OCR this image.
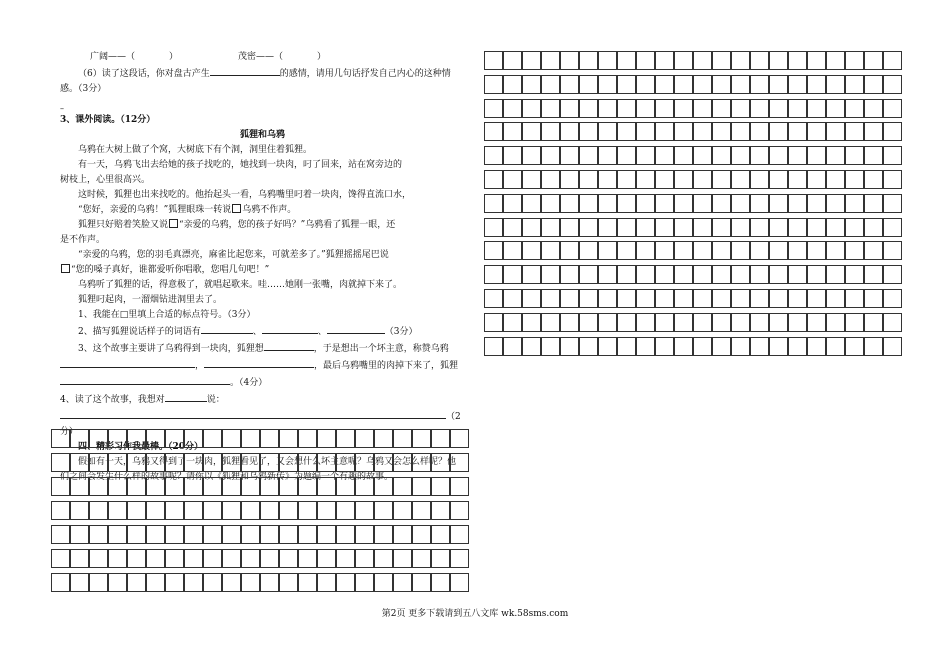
广阔——（	）	茂密——（	）
（6）读了这段话，你对盘古产生	的感情，请用几句话抒发自己内心的这种情
感。（3分）
–
3、课外阅读。（12分）
狐狸和乌鸦
乌鸦在大树上做了个窝，大树底下有个洞，洞里住着狐狸。
有一天，乌鸦飞出去给她的孩子找吃的，她找到一块肉，叼了回来，站在窝旁边的
树枝上，心里很高兴。
这时候，狐狸也出来找吃的。他抬起头一看，乌鸦嘴里叼着一块肉，馋得直流口水，
“您好，亲爱的乌鸦！”狐狸眼珠一转说 乌鸦不作声。
狐狸只好赔着笑脸又说 “亲爱的乌鸦，您的孩子好吗？”乌鸦看了狐狸一眼，还
是不作声。
“亲爱的乌鸦，您的羽毛真漂亮，麻雀比起您来，可就差多了。”狐狸摇摇尾巴说
“您的嗓子真好，谁都爱听你唱歌，您唱几句吧！”
乌鸦听了狐狸的话，得意极了，就唱起歌来。哇……她刚一张嘴，肉就掉下来了。
狐狸叼起肉，一溜烟钻进洞里去了。
1、我能在□里填上合适的标点符号。（3分）
2、描写狐狸说话样子的词语有	、	、	（3分）
3、这个故事主要讲了乌鸦得到一块肉，狐狸想	，于是想出一个坏主意，称赞乌鸦
，	，最后乌鸦嘴里的肉掉下来了，狐狸
。（4分）
4、读了这个故事，我想对	说：
（2
分）
四、精彩习作我最棒。（20分）
假如有一天，乌鸦又得到了一块肉，狐狸看见了，又会想什么坏主意呢？乌鸦又会怎么样呢？他
们之间会发生什么样的故事呢？请你以《狐狸和乌鸦新传》为题编一个有趣的故事。
第2页 更多下载请到五八文库 wk.58sms.com
